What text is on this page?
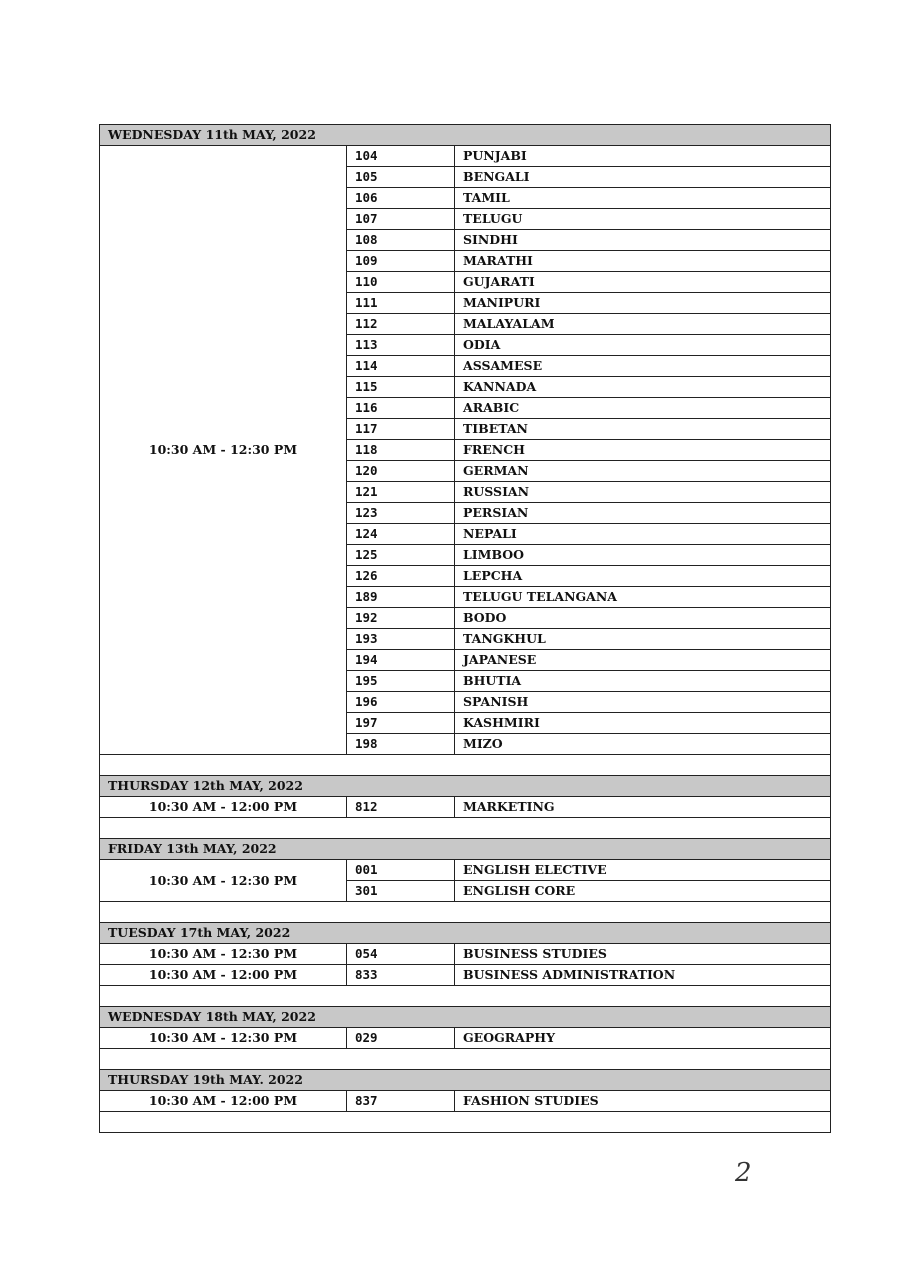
WEDNESDAY 11th MAY, 2022		
10:30 AM - 12:30 PM	104	PUNJABI
	105	BENGALI
	106	TAMIL
	107	TELUGU
	108	SINDHI
	109	MARATHI
	110	GUJARATI
	111	MANIPURI
	112	MALAYALAM
	113	ODIA
	114	ASSAMESE
	115	KANNADA
	116	ARABIC
	117	TIBETAN
	118	FRENCH
	120	GERMAN
	121	RUSSIAN
	123	PERSIAN
	124	NEPALI
	125	LIMBOO
	126	LEPCHA
	189	TELUGU TELANGANA
	192	BODO
	193	TANGKHUL
	194	JAPANESE
	195	BHUTIA
	196	SPANISH
	197	KASHMIRI
	198	MIZO

THURSDAY 12th MAY, 2022		
10:30 AM - 12:00 PM	812	MARKETING

FRIDAY 13th MAY, 2022		
10:30 AM - 12:30 PM	001	ENGLISH ELECTIVE
	301	ENGLISH CORE

TUESDAY 17th MAY, 2022		
10:30 AM - 12:30 PM	054	BUSINESS STUDIES
10:30 AM - 12:00 PM	833	BUSINESS ADMINISTRATION

WEDNESDAY 18th MAY, 2022		
10:30 AM - 12:30 PM	029	GEOGRAPHY

THURSDAY 19th MAY. 2022		
10:30 AM - 12:00 PM	837	FASHION STUDIES

2
